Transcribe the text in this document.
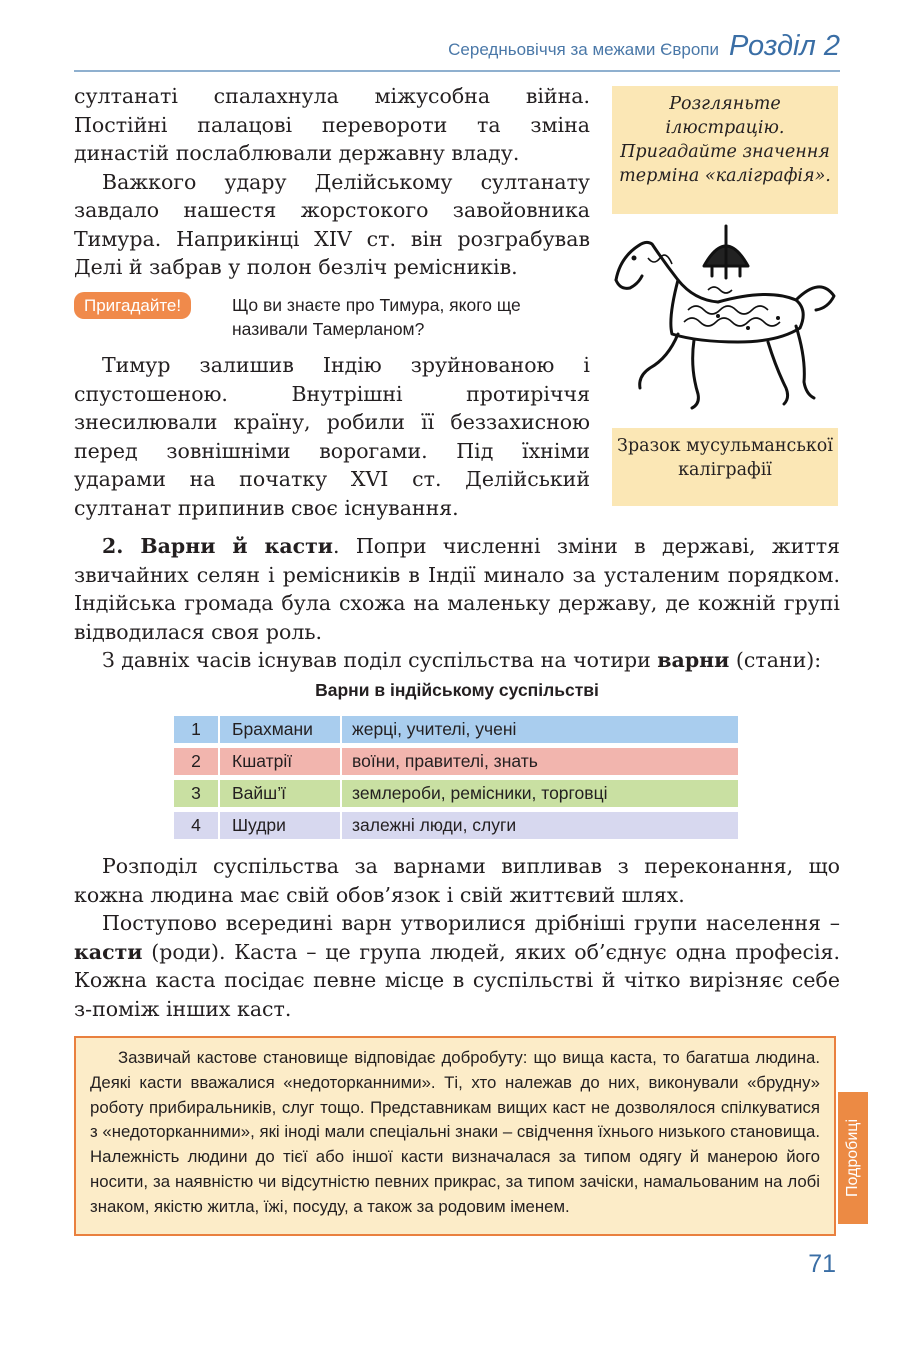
Середньовіччя за межами Європи Розділ 2

султанаті спалахнула міжусобна війна. Постійні палацові перевороти та зміна династій послаблювали державну владу.

Важкого удару Делійському султанату завдало нашестя жорстокого завойовника Тимура. Наприкінці XIV ст. він розграбував Делі й забрав у полон безліч ремісників.

Пригадайте!	Що ви знаєте про Тимура, якого ще називали Тамерланом?

Тимур залишив Індію зруйнованою і спустошеною. Внутрішні протиріччя знесилювали країну, робили її беззахисною перед зовнішніми ворогами. Під їхніми ударами на початку XVI ст. Делійський султанат припинив своє існування.

Розгляньте ілюстрацію. Пригадайте значення терміна «каліграфія».
Зразок мусульманської каліграфії

2. Варни й касти. Попри численні зміни в державі, життя звичайних селян і ремісників в Індії минало за усталеним порядком. Індійська громада була схожа на маленьку державу, де кожній групі відводилася своя роль.

З давніх часів існував поділ суспільства на чотири варни (стани):

Варни в індійському суспільстві
1	Брахмани	жерці, учителі, учені
2	Кшатрії	воїни, правителі, знать
3	Вайш’ї	землероби, ремісники, торговці
4	Шудри	залежні люди, слуги

Розподіл суспільства за варнами випливав з переконання, що кожна людина має свій обов’язок і свій життєвий шлях.

Поступово всередині варн утворилися дрібніші групи населення – касти (роди). Каста – це група людей, яких об’єднує одна професія. Кожна каста посідає певне місце в суспільстві й чітко вирізняє себе з-поміж інших каст.

Зазвичай кастове становище відповідає добробуту: що вища каста, то багатша людина. Деякі касти вважалися «недоторканними». Ті, хто належав до них, виконували «брудну» роботу прибиральників, слуг тощо. Представникам вищих каст не дозволялося спілкуватися з «недоторканними», які іноді мали спеціальні знаки – свідчення їхнього низького становища. Належність людини до тієї або іншої касти визначалася за типом одягу й манерою його носити, за наявністю чи відсутністю певних прикрас, за типом зачіски, намальованим на лобі знаком, якістю житла, їжі, посуду, а також за родовим іменем.

Подробиці
71
